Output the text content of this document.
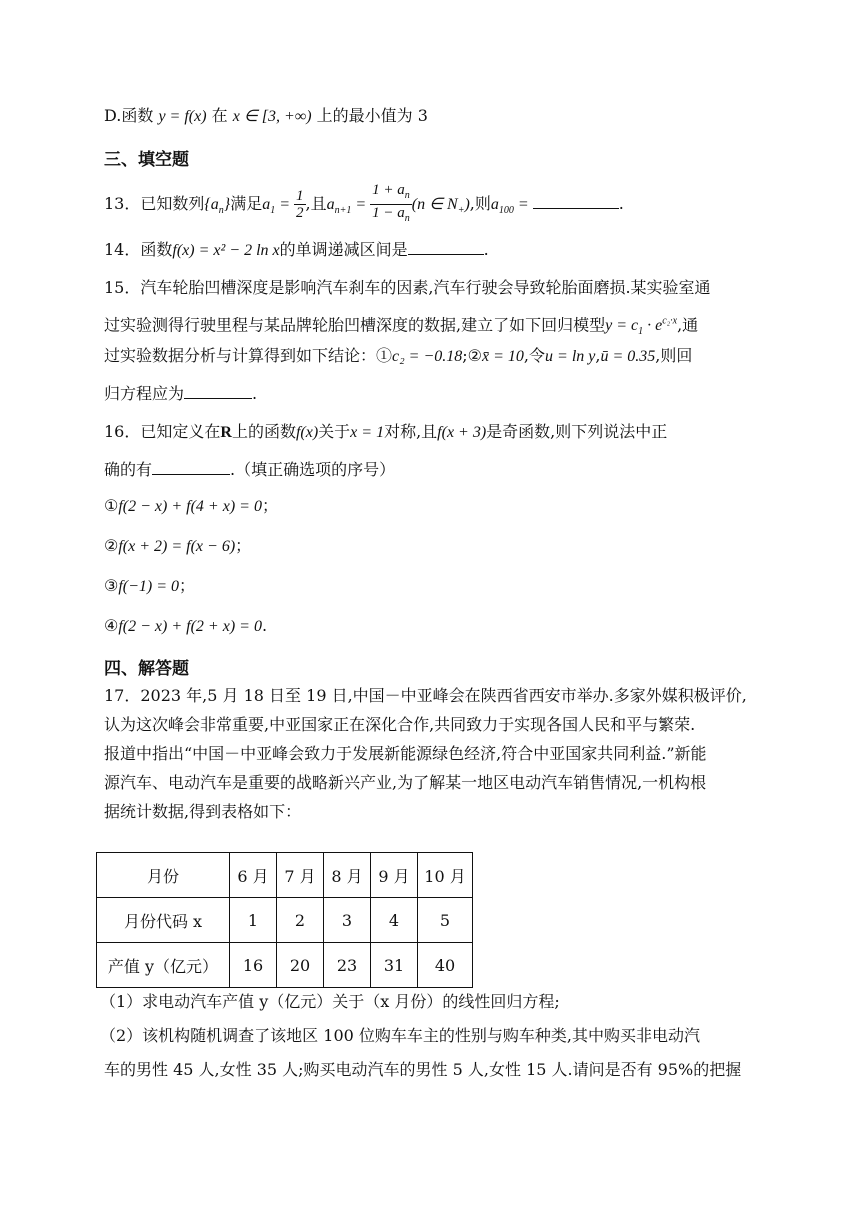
D.函数 y = f(x) 在 x ∈ [3, +∞) 上的最小值为 3
三、填空题
13．已知数列$\{a_n\}$满足$a_1 = \frac{1}{2}$ ,且$a_{n+1} = \frac{1 + a_n}{1 - a_n} (n$ ∈ $N_+$),则$a_{100}$ =	.
14．函数f(x) = x² − 2 ln x的单调递减区间是	.
15．汽车轮胎凹槽深度是影响汽车刹车的因素,汽车行驶会导致轮胎面磨损.某实验室通
过实验测得行驶里程与某品牌轮胎凹槽深度的数据,建立了如下回归模型$y = c_1 \cdot e^{c_2\cdot x}$,通
过实验数据分析与计算得到如下结论：①c₂ = −0.18;②x̄ = 10,令u = ln y,ū = 0.35,则回
归方程应为	.
16．已知定义在R上的函数f(x)关于x = 1对称,且f(x + 3)是奇函数,则下列说法中正
确的有	.（填正确选项的序号）
①f(2 − x) + f(4 + x) = 0；
②f(x + 2) = f(x − 6)；
③f(−1) = 0；
④f(2 − x) + f(2 + x) = 0.
四、解答题
17．2023 年,5 月 18 日至 19 日,中国－中亚峰会在陕西省西安市举办.多家外媒积极评价,
认为这次峰会非常重要,中亚国家正在深化合作,共同致力于实现各国人民和平与繁荣.
报道中指出“中国－中亚峰会致力于发展新能源绿色经济,符合中亚国家共同利益.”新能
源汽车、电动汽车是重要的战略新兴产业,为了解某一地区电动汽车销售情况,一机构根
据统计数据,得到表格如下：
月份	6 月	7 月	8 月	9 月	10 月
月份代码 x	1	2	3	4	5
产值 y（亿元）	16	20	23	31	40
（1）求电动汽车产值 y（亿元）关于（x 月份）的线性回归方程;
（2）该机构随机调查了该地区 100 位购车车主的性别与购车种类,其中购买非电动汽
车的男性 45 人,女性 35 人;购买电动汽车的男性 5 人,女性 15 人.请问是否有 95%的把握
